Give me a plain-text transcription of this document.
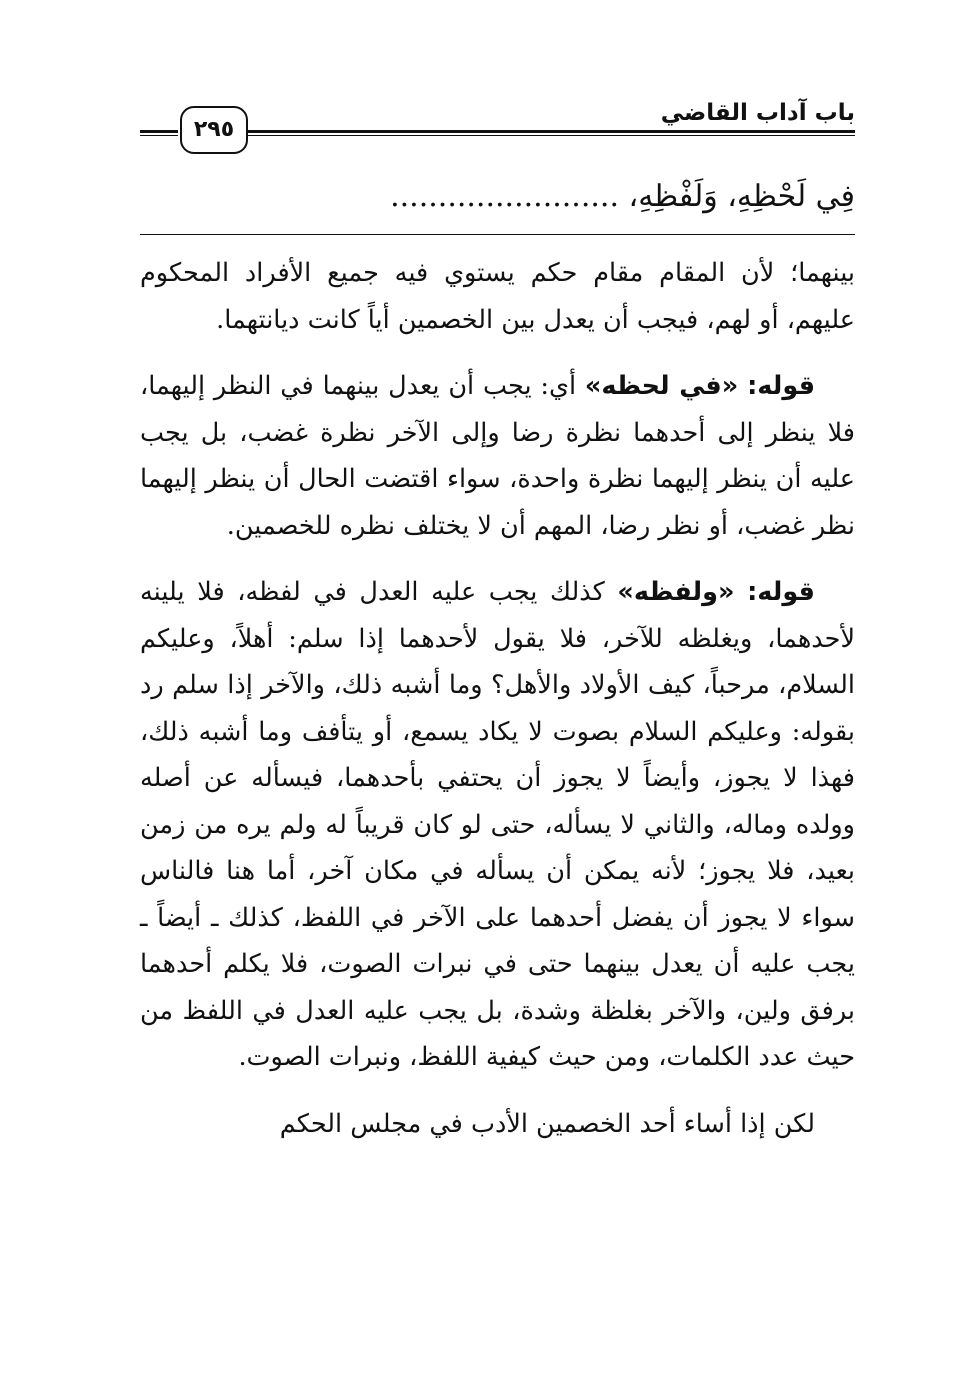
٢٩٥
باب آداب القاضي
فِي لَحْظِهِ، وَلَفْظِهِ، ........................

بينهما؛ لأن المقام مقام حكم يستوي فيه جميع الأفراد المحكوم عليهم، أو لهم، فيجب أن يعدل بين الخصمين أياً كانت ديانتهما.

قوله: «في لحظه» أي: يجب أن يعدل بينهما في النظر إليهما، فلا ينظر إلى أحدهما نظرة رضا وإلى الآخر نظرة غضب، بل يجب عليه أن ينظر إليهما نظرة واحدة، سواء اقتضت الحال أن ينظر إليهما نظر غضب، أو نظر رضا، المهم أن لا يختلف نظره للخصمين.

قوله: «ولفظه» كذلك يجب عليه العدل في لفظه، فلا يلينه لأحدهما، ويغلظه للآخر، فلا يقول لأحدهما إذا سلم: أهلاً، وعليكم السلام، مرحباً، كيف الأولاد والأهل؟ وما أشبه ذلك، والآخر إذا سلم رد بقوله: وعليكم السلام بصوت لا يكاد يسمع، أو يتأفف وما أشبه ذلك، فهذا لا يجوز، وأيضاً لا يجوز أن يحتفي بأحدهما، فيسأله عن أصله وولده وماله، والثاني لا يسأله، حتى لو كان قريباً له ولم يره من زمن بعيد، فلا يجوز؛ لأنه يمكن أن يسأله في مكان آخر، أما هنا فالناس سواء لا يجوز أن يفضل أحدهما على الآخر في اللفظ، كذلك ـ أيضاً ـ يجب عليه أن يعدل بينهما حتى في نبرات الصوت، فلا يكلم أحدهما برفق ولين، والآخر بغلظة وشدة، بل يجب عليه العدل في اللفظ من حيث عدد الكلمات، ومن حيث كيفية اللفظ، ونبرات الصوت.

لكن إذا أساء أحد الخصمين الأدب في مجلس الحكم
